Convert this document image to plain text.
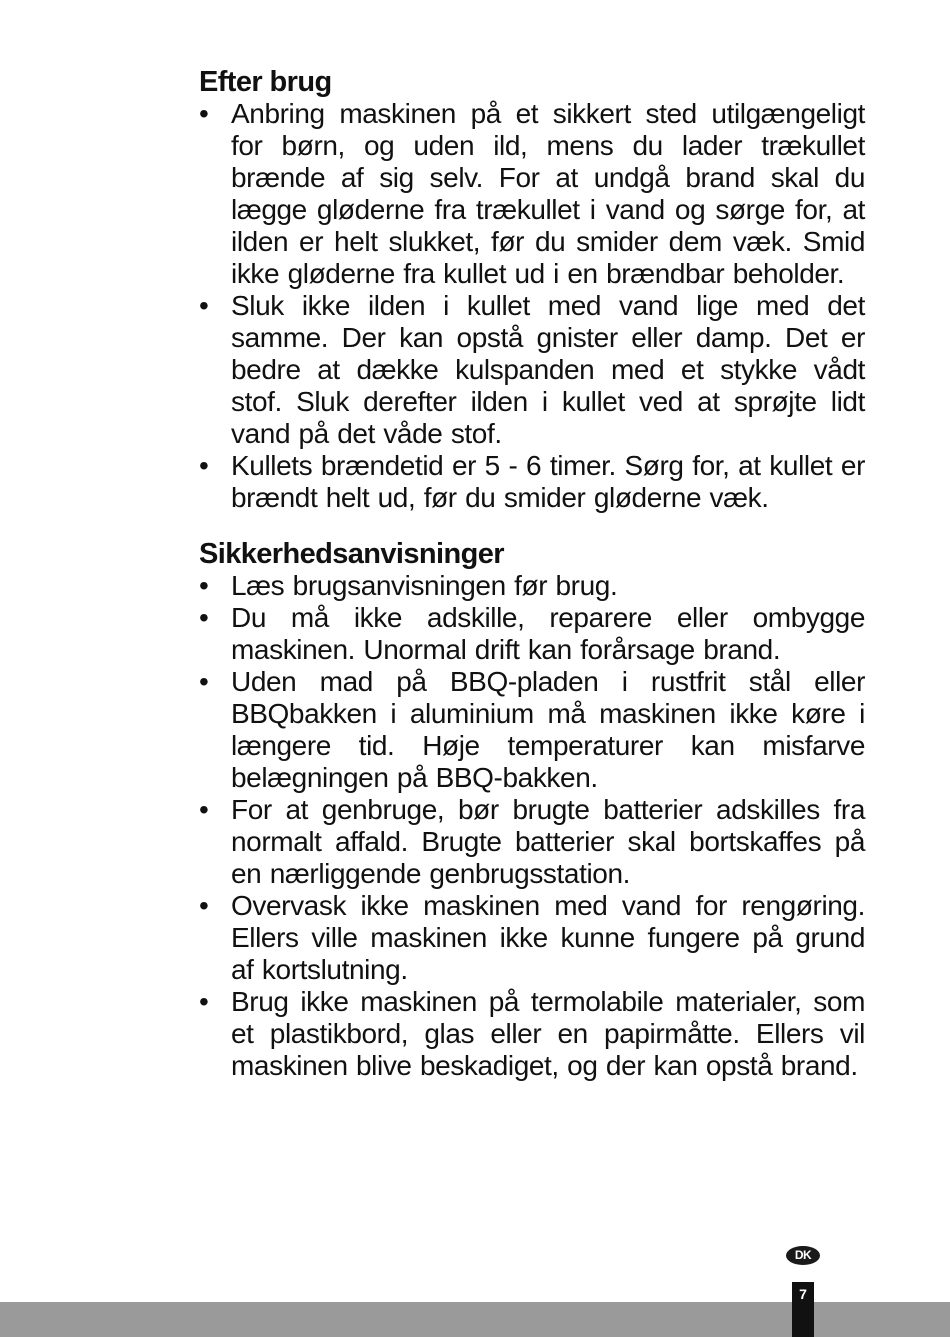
Efter brug
• Anbring maskinen på et sikkert sted utilgængeligt for børn, og uden ild, mens du lader trækullet brænde af sig selv. For at undgå brand skal du lægge gløderne fra trækullet i vand og sørge for, at ilden er helt slukket, før du smider dem væk. Smid ikke gløderne fra kullet ud i en brændbar beholder.
• Sluk ikke ilden i kullet med vand lige med det samme. Der kan opstå gnister eller damp. Det er bedre at dække kulspanden med et stykke vådt stof. Sluk derefter ilden i kullet ved at sprøjte lidt vand på det våde stof.
• Kullets brændetid er 5 - 6 timer. Sørg for, at kullet er brændt helt ud, før du smider gløderne væk.
Sikkerhedsanvisninger
• Læs brugsanvisningen før brug.
• Du må ikke adskille, reparere eller ombygge maskinen. Unormal drift kan forårsage brand.
• Uden mad på BBQ-pladen i rustfrit stål eller BBQbakken i aluminium må maskinen ikke køre i længere tid. Høje temperaturer kan misfarve belægningen på BBQ-bakken.
• For at genbruge, bør brugte batterier adskilles fra normalt affald. Brugte batterier skal bortskaffes på en nærliggende genbrugsstation.
• Overvask ikke maskinen med vand for rengøring. Ellers ville maskinen ikke kunne fungere på grund af kortslutning.
• Brug ikke maskinen på termolabile materialer, som et plastikbord, glas eller en papirmåtte. Ellers vil maskinen blive beskadiget, og der kan opstå brand.
DK
7
